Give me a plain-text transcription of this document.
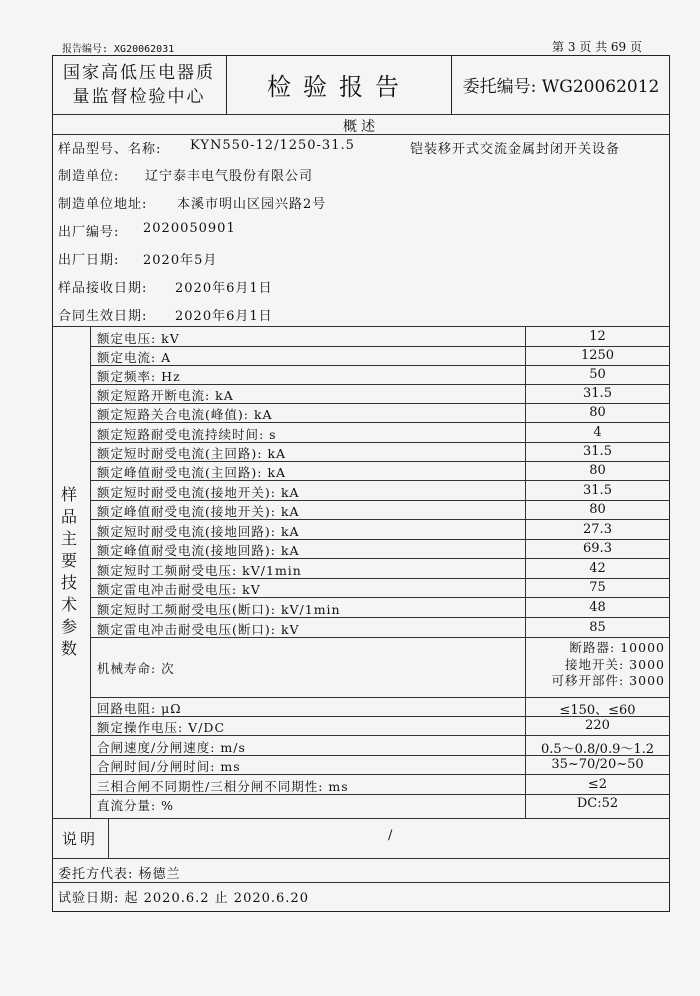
报告编号: XG20062031	第 3 页 共 69 页
国家高低压电器质
量监督检验中心	检验报告	委托编号: WG20062012
概述
样品型号、名称: KYN550-12/1250-31.5	铠装移开式交流金属封闭开关设备
制造单位: 辽宁泰丰电气股份有限公司
制造单位地址: 本溪市明山区园兴路2号
出厂编号: 2020050901
出厂日期: 2020年5月
样品接收日期: 2020年6月1日
合同生效日期: 2020年6月1日
样
品
主
要
技
术
参
数
额定电压: kV	12
额定电流: A	1250
额定频率: Hz	50
额定短路开断电流: kA	31.5
额定短路关合电流(峰值): kA	80
额定短路耐受电流持续时间: s	4
额定短时耐受电流(主回路): kA	31.5
额定峰值耐受电流(主回路): kA	80
额定短时耐受电流(接地开关): kA	31.5
额定峰值耐受电流(接地开关): kA	80
额定短时耐受电流(接地回路): kA	27.3
额定峰值耐受电流(接地回路): kA	69.3
额定短时工频耐受电压: kV/1min	42
额定雷电冲击耐受电压: kV	75
额定短时工频耐受电压(断口): kV/1min	48
额定雷电冲击耐受电压(断口): kV	85
机械寿命: 次
断路器: 10000
接地开关: 3000
可移开部件: 3000
回路电阻: μΩ	≤150、≤60
额定操作电压: V/DC	220
合闸速度/分闸速度: m/s	0.5～0.8/0.9～1.2
合闸时间/分闸时间: ms	35~70/20~50
三相合闸不同期性/三相分闸不同期性: ms	≤2
直流分量: %	DC:52
说明	/
委托方代表: 杨德兰
试验日期: 起 2020.6.2 止 2020.6.20
